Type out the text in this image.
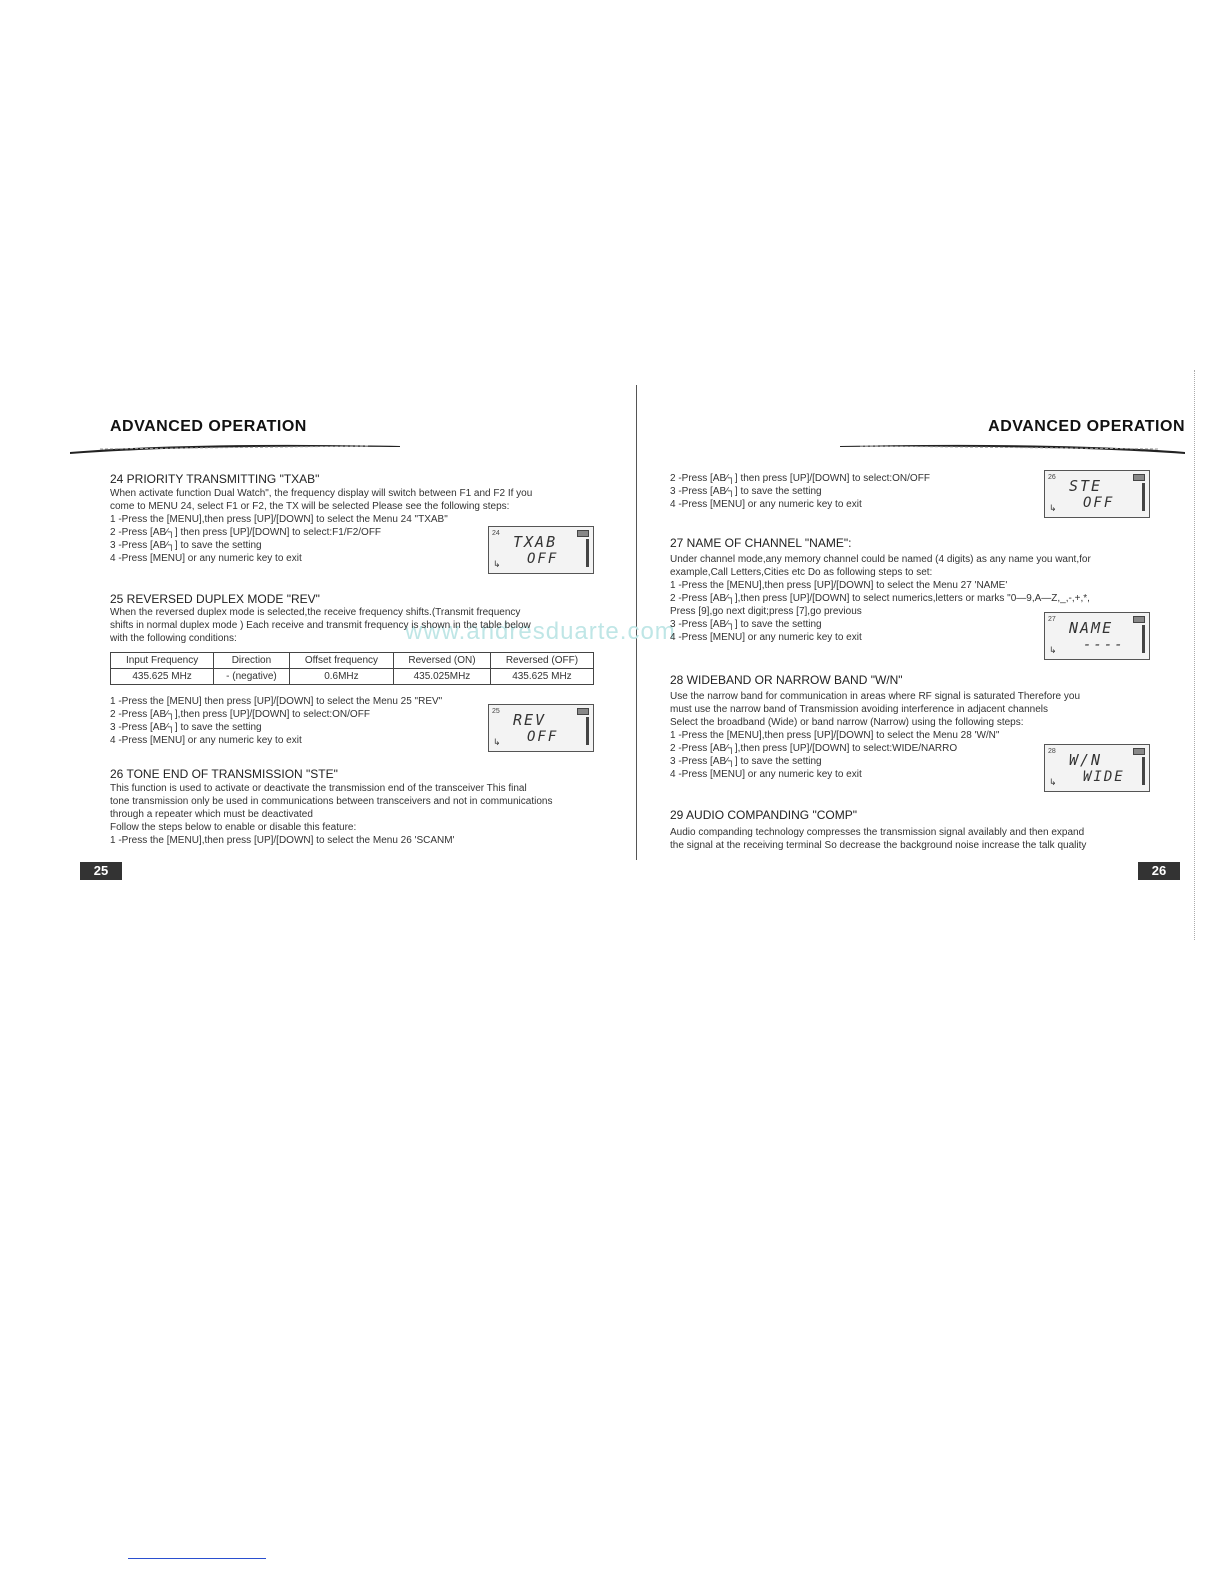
www.andresduarte.com
ADVANCED OPERATION
24 PRIORITY TRANSMITTING "TXAB"
When activate function Dual Watch", the frequency display will switch between F1 and F2 If you
come to MENU 24, select F1 or F2, the TX will be selected Please see the following steps:
1 -Press the [MENU],then press [UP]/[DOWN] to select the Menu 24 "TXAB"
2 -Press [AB∕┐] then press [UP]/[DOWN] to select:F1/F2/OFF
3 -Press [AB∕┐] to save the setting
4 -Press [MENU] or any numeric key to exit
24 TXAB
OFF
↳
25 REVERSED DUPLEX MODE "REV"
When the reversed duplex mode is selected,the receive frequency shifts.(Transmit frequency
shifts in normal duplex mode ) Each receive and transmit frequency is shown in the table below
with the following conditions:
Input Frequency	Direction	Offset frequency	Reversed (ON)	Reversed (OFF)
435.625 MHz	- (negative)	0.6MHz	435.025MHz	435.625 MHz
1 -Press the [MENU] then press [UP]/[DOWN] to select the Menu 25 "REV"
2 -Press [AB∕┐],then press [UP]/[DOWN] to select:ON/OFF
3 -Press [AB∕┐] to save the setting
4 -Press [MENU] or any numeric key to exit
25 REV
OFF
↳
26 TONE END OF TRANSMISSION "STE"
This function is used to activate or deactivate the transmission end of the transceiver This final
tone transmission only be used in communications between transceivers and not in communications
through a repeater which must be deactivated
Follow the steps below to enable or disable this feature:
1 -Press the [MENU],then press [UP]/[DOWN] to select the Menu 26 'SCANM'
25
ADVANCED OPERATION
2 -Press [AB∕┐] then press [UP]/[DOWN] to select:ON/OFF
3 -Press [AB∕┐] to save the setting
4 -Press [MENU] or any numeric key to exit
26 STE
OFF
↳
27 NAME OF CHANNEL "NAME":
Under channel mode,any memory channel could be named (4 digits) as any name you want,for
example,Call Letters,Cities etc Do as following steps to set:
1 -Press the [MENU],then press [UP]/[DOWN] to select the Menu 27 'NAME'
2 -Press [AB∕┐],then press [UP]/[DOWN] to select numerics,letters or marks "0—9,A—Z,_,-,+,*,
Press [9],go next digit;press [7],go previous
3 -Press [AB∕┐] to save the setting
4 -Press [MENU] or any numeric key to exit
27 NAME
----
↳
28 WIDEBAND OR NARROW BAND "W/N"
Use the narrow band for communication in areas where RF signal is saturated Therefore you
must use the narrow band of Transmission avoiding interference in adjacent channels
Select the broadband (Wide) or band narrow (Narrow) using the following steps:
1 -Press the [MENU],then press [UP]/[DOWN] to select the Menu 28 'W/N"
2 -Press [AB∕┐],then press [UP]/[DOWN] to select:WIDE/NARRO
3 -Press [AB∕┐] to save the setting
4 -Press [MENU] or any numeric key to exit
28 W/N
WIDE
↳
29 AUDIO COMPANDING "COMP"
Audio companding technology compresses the transmission signal availably and then expand
the signal at the receiving terminal So decrease the background noise increase the talk quality
26
